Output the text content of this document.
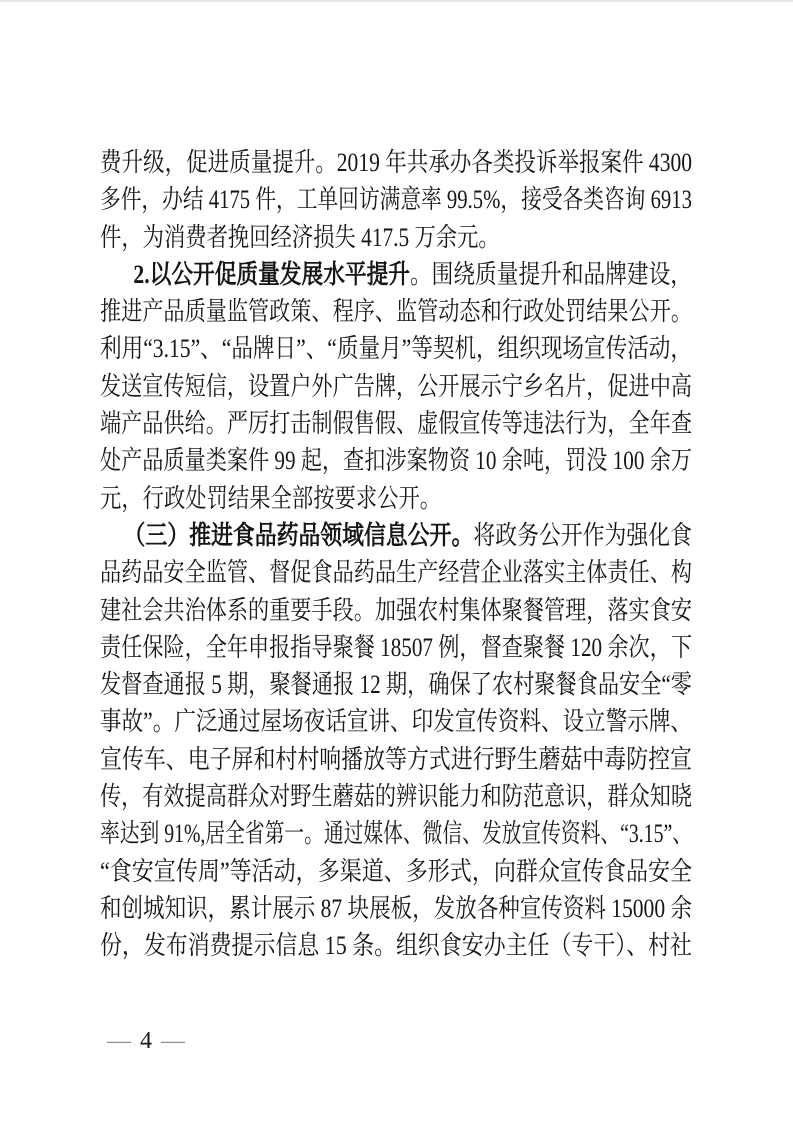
费升级，促进质量提升。2019 年共承办各类投诉举报案件 4300
多件，办结 4175 件，工单回访满意率 99.5%，接受各类咨询 6913
件，为消费者挽回经济损失 417.5 万余元。
2.以公开促质量发展水平提升。围绕质量提升和品牌建设，
推进产品质量监管政策、程序、监管动态和行政处罚结果公开。
利用“3.15”、“品牌日”、“质量月”等契机，组织现场宣传活动，
发送宣传短信，设置户外广告牌，公开展示宁乡名片，促进中高
端产品供给。严厉打击制假售假、虚假宣传等违法行为，全年查
处产品质量类案件 99 起，查扣涉案物资 10 余吨，罚没 100 余万
元，行政处罚结果全部按要求公开。
（三）推进食品药品领域信息公开。将政务公开作为强化食
品药品安全监管、督促食品药品生产经营企业落实主体责任、构
建社会共治体系的重要手段。加强农村集体聚餐管理，落实食安
责任保险，全年申报指导聚餐 18507 例，督查聚餐 120 余次，下
发督查通报 5 期，聚餐通报 12 期，确保了农村聚餐食品安全“零
事故”。广泛通过屋场夜话宣讲、印发宣传资料、设立警示牌、
宣传车、电子屏和村村响播放等方式进行野生蘑菇中毒防控宣
传，有效提高群众对野生蘑菇的辨识能力和防范意识，群众知晓
率达到 91%,居全省第一。通过媒体、微信、发放宣传资料、“3.15”、
“食安宣传周”等活动，多渠道、多形式，向群众宣传食品安全
和创城知识，累计展示 87 块展板，发放各种宣传资料 15000 余
份，发布消费提示信息 15 条。组织食安办主任（专干）、村社
— 4 —
